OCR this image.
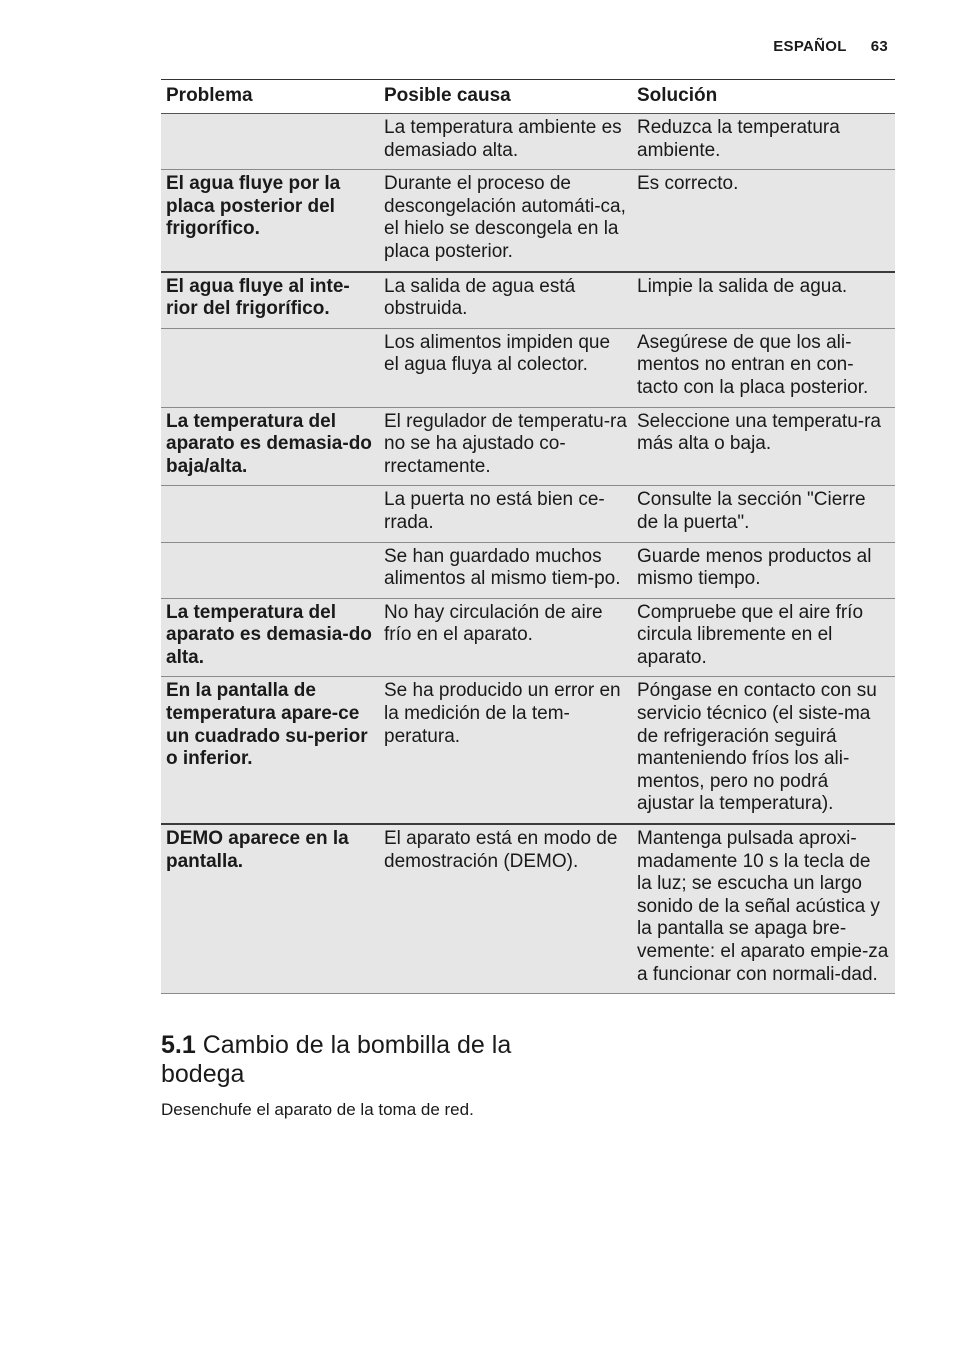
ESPAÑOL 63
Problema	Posible causa	Solución
	La temperatura ambiente es demasiado alta.	Reduzca la temperatura ambiente.
El agua fluye por la placa posterior del frigorífico.	Durante el proceso de descongelación automáti-ca, el hielo se descongela en la placa posterior.	Es correcto.
El agua fluye al inte-rior del frigorífico.	La salida de agua está obstruida.	Limpie la salida de agua.
	Los alimentos impiden que el agua fluya al colector.	Asegúrese de que los ali-mentos no entran en con-tacto con la placa posterior.
La temperatura del aparato es demasia-do baja/alta.	El regulador de temperatu-ra no se ha ajustado co-rrectamente.	Seleccione una temperatu-ra más alta o baja.
	La puerta no está bien ce-rrada.	Consulte la sección "Cierre de la puerta".
	Se han guardado muchos alimentos al mismo tiem-po.	Guarde menos productos al mismo tiempo.
La temperatura del aparato es demasia-do alta.	No hay circulación de aire frío en el aparato.	Compruebe que el aire frío circula libremente en el aparato.
En la pantalla de temperatura apare-ce un cuadrado su-perior o inferior.	Se ha producido un error en la medición de la tem-peratura.	Póngase en contacto con su servicio técnico (el siste-ma de refrigeración seguirá manteniendo fríos los ali-mentos, pero no podrá ajustar la temperatura).
DEMO aparece en la pantalla.	El aparato está en modo de demostración (DEMO).	Mantenga pulsada aproxi-madamente 10 s la tecla de la luz; se escucha un largo sonido de la señal acústica y la pantalla se apaga bre-vemente: el aparato empie-za a funcionar con normali-dad.
5.1 Cambio de la bombilla de la bodega
Desenchufe el aparato de la toma de red.
